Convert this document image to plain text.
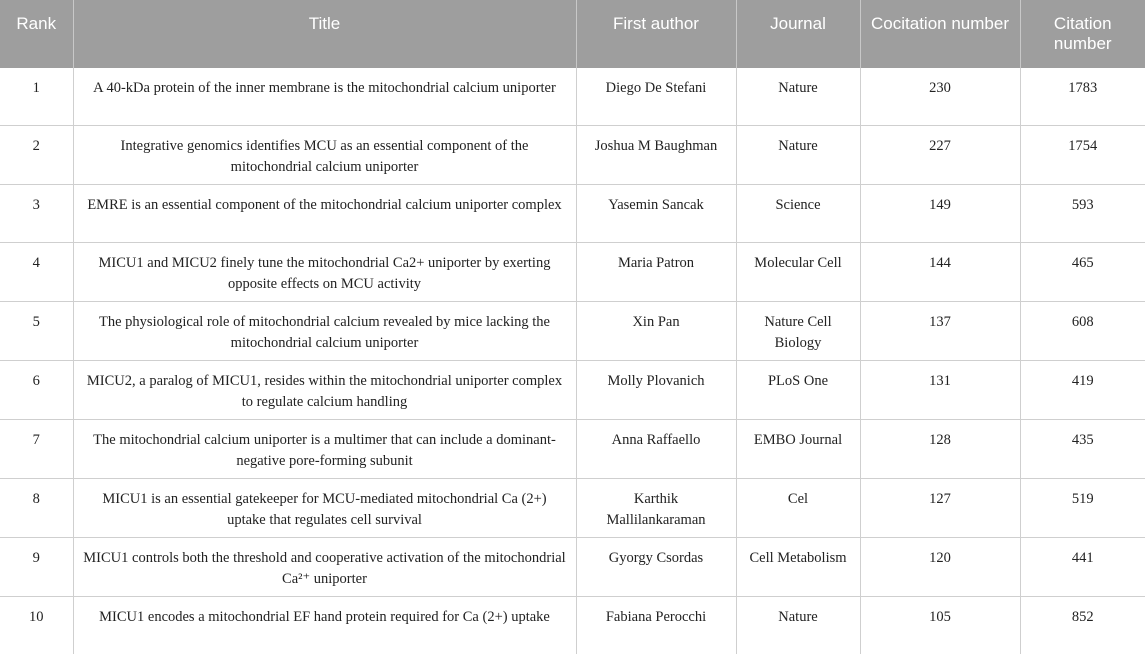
Rank	Title	First author	Journal	Cocitation number	Citation number
1	A 40-kDa protein of the inner membrane is the mitochondrial calcium uniporter	Diego De Stefani	Nature	230	1783
2	Integrative genomics identifies MCU as an essential component of the mitochondrial calcium uniporter	Joshua M Baughman	Nature	227	1754
3	EMRE is an essential component of the mitochondrial calcium uniporter complex	Yasemin Sancak	Science	149	593
4	MICU1 and MICU2 finely tune the mitochondrial Ca2+ uniporter by exerting opposite effects on MCU activity	Maria Patron	Molecular Cell	144	465
5	The physiological role of mitochondrial calcium revealed by mice lacking the mitochondrial calcium uniporter	Xin Pan	Nature Cell Biology	137	608
6	MICU2, a paralog of MICU1, resides within the mitochondrial uniporter complex to regulate calcium handling	Molly Plovanich	PLoS One	131	419
7	The mitochondrial calcium uniporter is a multimer that can include a dominant-negative pore-forming subunit	Anna Raffaello	EMBO Journal	128	435
8	MICU1 is an essential gatekeeper for MCU-mediated mitochondrial Ca (2+) uptake that regulates cell survival	Karthik Mallilankaraman	Cel	127	519
9	MICU1 controls both the threshold and cooperative activation of the mitochondrial Ca²⁺ uniporter	Gyorgy Csordas	Cell Metabolism	120	441
10	MICU1 encodes a mitochondrial EF hand protein required for Ca (2+) uptake	Fabiana Perocchi	Nature	105	852
